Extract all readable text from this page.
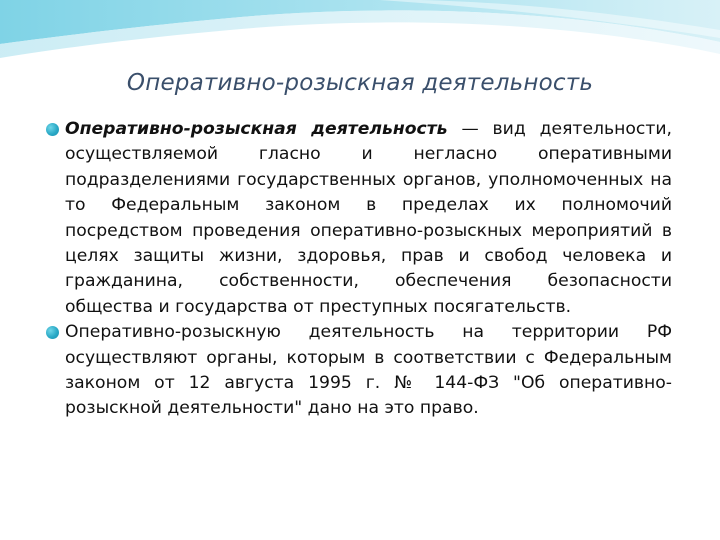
Оперативно-розыскная деятельность

Оперативно-розыскная деятельность — вид деятельности, осуществляемой гласно и негласно оперативными подразделениями государственных органов, уполномоченных на то Федеральным законом в пределах их полномочий посредством проведения оперативно-розыскных мероприятий в целях защиты жизни, здоровья, прав и свобод человека и гражданина, собственности, обеспечения безопасности общества и государства от преступных посягательств.

Оперативно-розыскную деятельность на территории РФ осуществляют органы, которым в соответствии с Федеральным законом от 12 августа 1995 г. № 144-ФЗ "Об оперативно-розыскной деятельности" дано на это право.
